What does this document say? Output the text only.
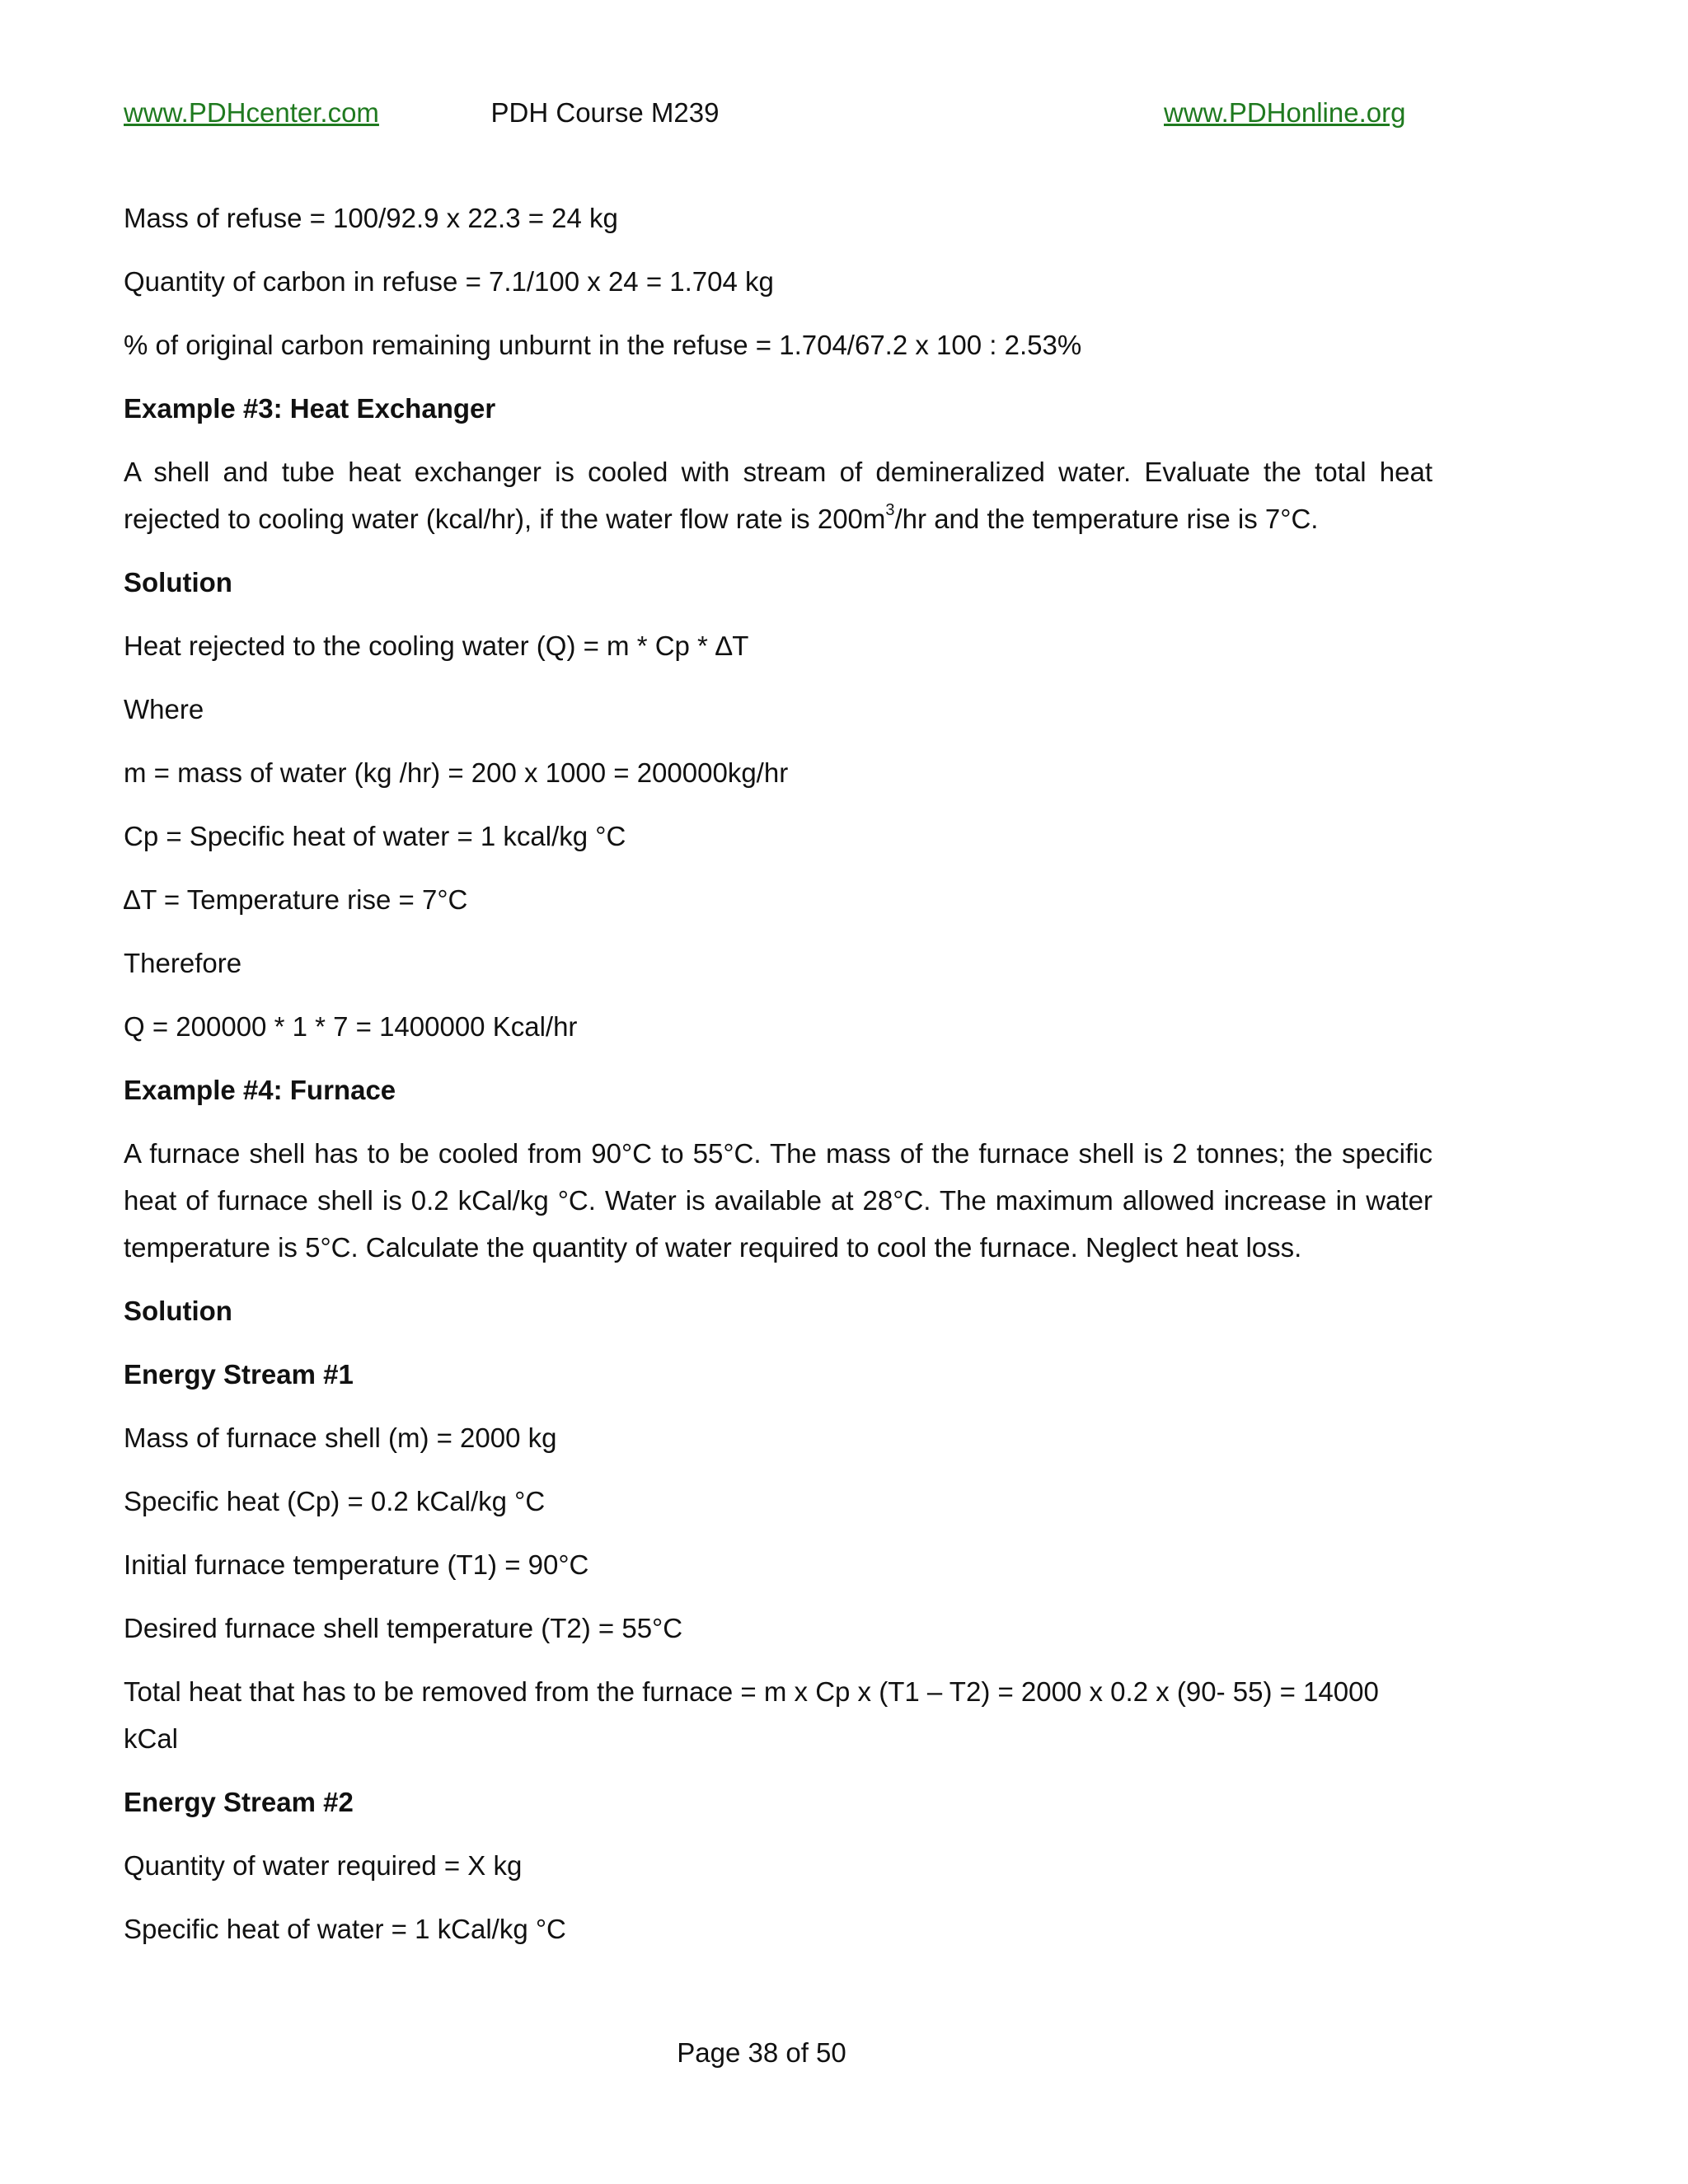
www.PDHcenter.com	PDH Course M239	www.PDHonline.org

Mass of refuse = 100/92.9 x 22.3 = 24 kg

Quantity of carbon in refuse = 7.1/100 x 24 = 1.704 kg

% of original carbon remaining unburnt in the refuse = 1.704/67.2 x 100 : 2.53%

Example #3: Heat Exchanger

A shell and tube heat exchanger is cooled with stream of demineralized water. Evaluate the total heat rejected to cooling water (kcal/hr), if the water flow rate is $200m^3/hr$ and the temperature rise is 7°C.

Solution

Heat rejected to the cooling water (Q) = m * Cp * ∆T

Where

m = mass of water (kg /hr) = 200 x 1000 = 200000kg/hr

Cp = Specific heat of water = 1 kcal/kg °C

∆T = Temperature rise = 7°C

Therefore

Q = 200000 * 1 * 7 = 1400000 Kcal/hr

Example #4: Furnace

A furnace shell has to be cooled from 90°C to 55°C. The mass of the furnace shell is 2 tonnes; the specific heat of furnace shell is 0.2 kCal/kg °C. Water is available at 28°C. The maximum allowed increase in water temperature is 5°C. Calculate the quantity of water required to cool the furnace. Neglect heat loss.

Solution

Energy Stream #1

Mass of furnace shell (m) = 2000 kg

Specific heat (Cp) = 0.2 kCal/kg °C

Initial furnace temperature (T1) = 90°C

Desired furnace shell temperature (T2) = 55°C

Total heat that has to be removed from the furnace = m x Cp x (T1 – T2) = 2000 x 0.2 x (90- 55) = 14000
kCal

Energy Stream #2

Quantity of water required = X kg

Specific heat of water = 1 kCal/kg °C

Page 38 of 50
